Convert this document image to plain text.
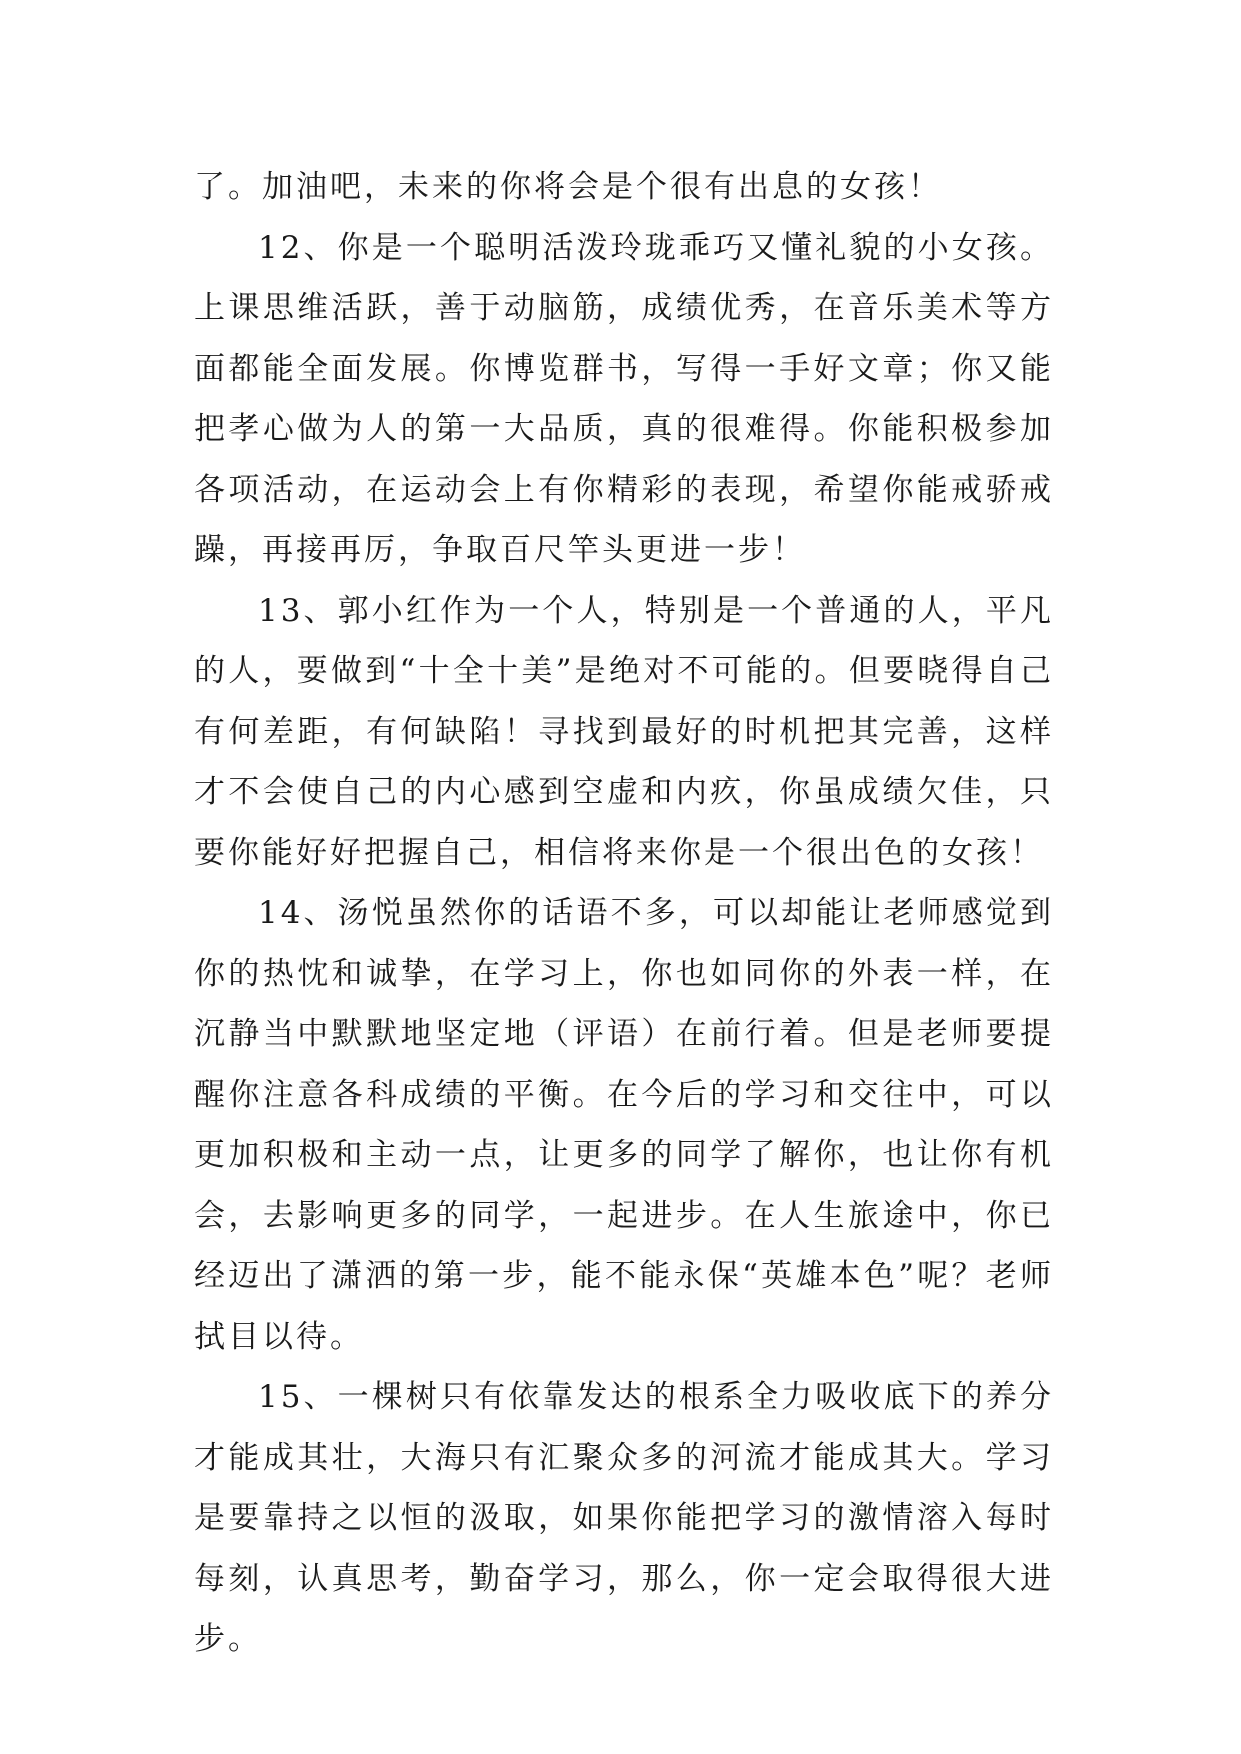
了。加油吧，未来的你将会是个很有出息的女孩！

12、你是一个聪明活泼玲珑乖巧又懂礼貌的小女孩。上课思维活跃，善于动脑筋，成绩优秀，在音乐美术等方面都能全面发展。你博览群书，写得一手好文章；你又能把孝心做为人的第一大品质，真的很难得。你能积极参加各项活动，在运动会上有你精彩的表现，希望你能戒骄戒躁，再接再厉，争取百尺竿头更进一步！

13、郭小红作为一个人，特别是一个普通的人，平凡的人，要做到“十全十美”是绝对不可能的。但要晓得自己有何差距，有何缺陷！寻找到最好的时机把其完善，这样才不会使自己的内心感到空虚和内疚，你虽成绩欠佳，只要你能好好把握自己，相信将来你是一个很出色的女孩！

14、汤悦虽然你的话语不多，可以却能让老师感觉到你的热忱和诚挚，在学习上，你也如同你的外表一样，在沉静当中默默地坚定地（评语）在前行着。但是老师要提醒你注意各科成绩的平衡。在今后的学习和交往中，可以更加积极和主动一点，让更多的同学了解你，也让你有机会，去影响更多的同学，一起进步。在人生旅途中，你已经迈出了潇洒的第一步，能不能永保“英雄本色”呢？老师拭目以待。

15、一棵树只有依靠发达的根系全力吸收底下的养分才能成其壮，大海只有汇聚众多的河流才能成其大。学习是要靠持之以恒的汲取，如果你能把学习的激情溶入每时每刻，认真思考，勤奋学习，那么，你一定会取得很大进步。
